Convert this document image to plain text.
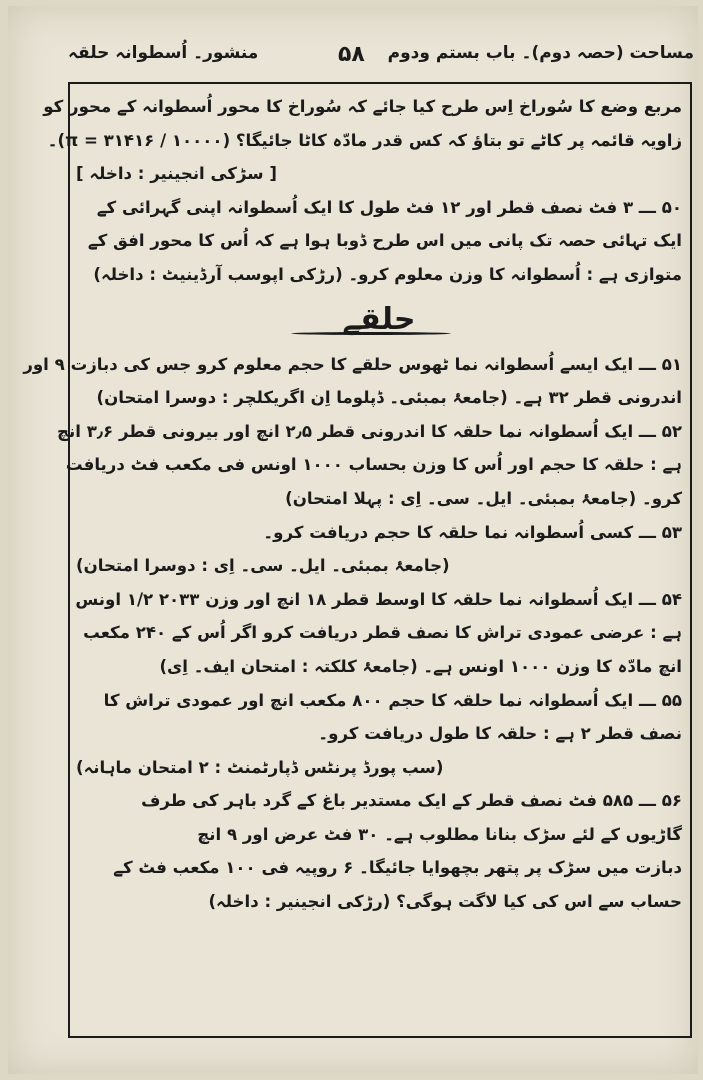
مساحت (حصہ دوم)۔ باب بستم ودوم
۵۸
منشور۔ اُسطوانہ حلقہ
مربع وضع کا سُوراخ اِس طرح کیا جائے کہ سُوراخ کا محور اُسطوانہ کے محور کو
زاویہ قائمہ پر کاٹے تو بتاؤ کہ کس قدر مادّہ کاٹا جائیگا؟ (π = ۳۱۴۱۶ / ۱۰۰۰۰)۔
[ سڑکی انجینیر : داخلہ ]
۵۰ ـــ ۳ فٹ نصف قطر اور ۱۲ فٹ طول کا ایک اُسطوانہ اپنی گہرائی کے
ایک تہائی حصہ تک پانی میں اس طرح ڈوبا ہوا ہے کہ اُس کا محور افق کے
متوازی ہے : اُسطوانہ کا وزن معلوم کرو۔ (رڑکی اپوسب آرڈینیٹ : داخلہ)
حلقے
۵۱ ـــ ایک ایسے اُسطوانہ نما ٹھوس حلقے کا حجم معلوم کرو جس کی دبازت ۹ اور
اندرونی قطر ۳۲ ہے۔ (جامعۂ بمبئی۔ ڈپلوما اِن اگریکلچر : دوسرا امتحان)
۵۲ ـــ ایک اُسطوانہ نما حلقہ کا اندرونی قطر ۲٫۵ انچ اور بیرونی قطر ۳٫۶ انچ
ہے : حلقہ کا حجم اور اُس کا وزن بحساب ۱۰۰۰ اونس فی مکعب فٹ دریافت
کرو۔ (جامعۂ بمبئی۔ ایل۔ سی۔ اِی : پہلا امتحان)
۵۳ ـــ کسی اُسطوانہ نما حلقہ کا حجم دریافت کرو۔
(جامعۂ بمبئی۔ ایل۔ سی۔ اِی : دوسرا امتحان)
۵۴ ـــ ایک اُسطوانہ نما حلقہ کا اوسط قطر ۱۸ انچ اور وزن ۲۰۳۳ ۱/۲ اونس
ہے : عرضی عمودی تراش کا نصف قطر دریافت کرو اگر اُس کے ۲۴۰ مکعب
انچ مادّہ کا وزن ۱۰۰۰ اونس ہے۔ (جامعۂ کلکتہ : امتحان ایف۔ اِی)
۵۵ ـــ ایک اُسطوانہ نما حلقہ کا حجم ۸۰۰ مکعب انچ اور عمودی تراش کا
نصف قطر ۲ ہے : حلقہ کا طول دریافت کرو۔
(سب پورڈ پرنٹس ڈپارٹمنٹ : ۲ امتحان ماہانہ)
۵۶ ـــ ۵۸۵ فٹ نصف قطر کے ایک مستدیر باغ کے گرد باہر کی طرف
گاڑیوں کے لئے سڑک بنانا مطلوب ہے۔ ۳۰ فٹ عرض اور ۹ انچ
دبازت میں سڑک پر پتھر بچھوایا جائیگا۔ ۶ روپیہ فی ۱۰۰ مکعب فٹ کے
حساب سے اس کی کیا لاگت ہوگی؟ (رڑکی انجینیر : داخلہ)
